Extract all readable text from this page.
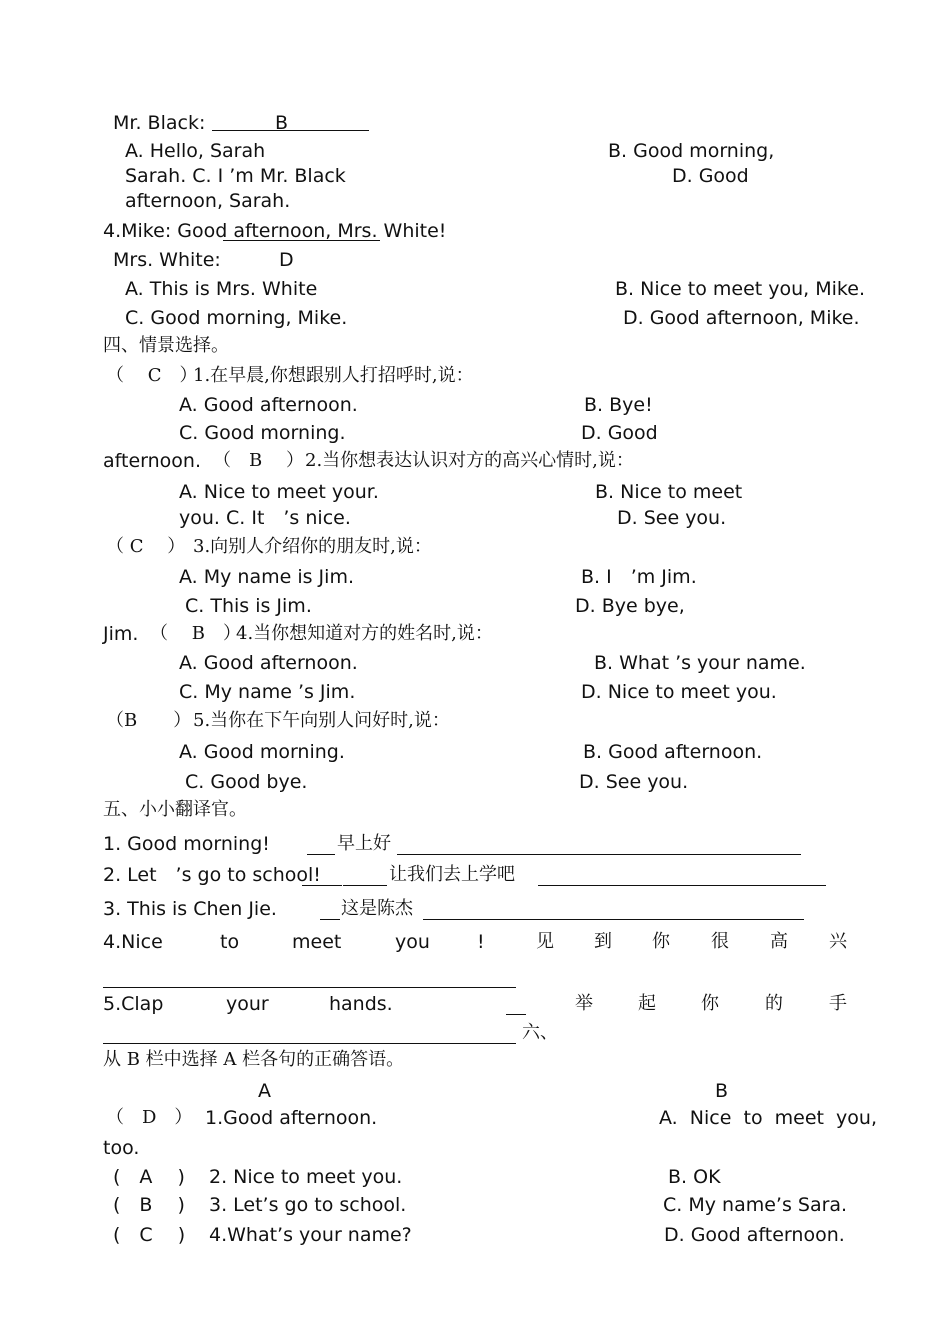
Mr. Black:	B
A. Hello, Sarah	B. Good morning,
Sarah. C. I ’m Mr. Black	D. Good
afternoon, Sarah.
4.Mike: Good afternoon, Mrs. White!
Mrs. White:	D
A. This is Mrs. White	B. Nice to meet you, Mike.
C. Good morning, Mike.	D. Good afternoon, Mike.
四、情景选择。
（　 C　）
1.在早晨,你想跟别人打招呼时,说：
A. Good afternoon.	B. Bye!
C. Good morning.	D. Good
afternoon. （　B　 ） 2.当你想表达认识对方的高兴心情时,说：
A. Nice to meet your.	B. Nice to meet
you. C. It　’s nice.	D. See you.
（ C　 ） 3.向别人介绍你的朋友时,说：
A. My name is Jim.	B. I　’m Jim.
C. This is Jim.	D. Bye bye,
Jim. （　 B　）
4.当你想知道对方的姓名时,说：
A. Good afternoon.	B. What ’s your name.
C. My name ’s Jim.	D. Nice to meet you.
（B　　） 5.当你在下午向别人问好时,说：
A. Good morning.	B. Good afternoon.
C. Good bye.	D. See you.
五、小小翻译官。
1. Good morning!	早上好
2. Let　’s go to school!	让我们去上学吧
3. This is Chen Jie.	这是陈杰
4.Nice	to	meet	you !	见 到 你 很 高 兴
5.Clap	your	hands.	举	起	你	的	手
六、
从 B 栏中选择 A 栏各句的正确答语。
A	B
（　D　） 1.Good afternoon.	A.  Nice  to  meet  you,
too.
(　A　 ) 2. Nice to meet you.	B. OK
(　B　 ) 3. Let’s go to school.	C. My name’s Sara.
(　C　 ) 4.What’s your name?	D. Good afternoon.
